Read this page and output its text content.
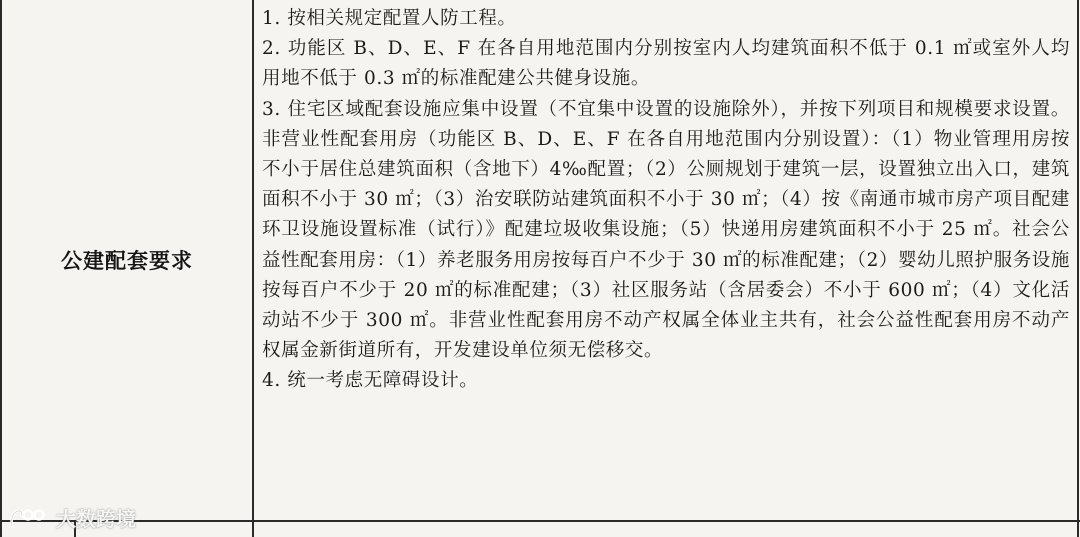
公建配套要求

1. 按相关规定配置人防工程。

2. 功能区 B、D、E、F 在各自用地范围内分别按室内人均建筑面积不低于 0.1 ㎡或室外人均用地不低于 0.3 ㎡的标准配建公共健身设施。

3. 住宅区域配套设施应集中设置（不宜集中设置的设施除外），并按下列项目和规模要求设置。非营业性配套用房（功能区 B、D、E、F 在各自用地范围内分别设置）：（1）物业管理用房按不小于居住总建筑面积（含地下）4‰配置；（2）公厕规划于建筑一层，设置独立出入口，建筑面积不小于 30 ㎡；（3）治安联防站建筑面积不小于 30 ㎡；（4）按《南通市城市房产项目配建环卫设施设置标准（试行）》配建垃圾收集设施；（5）快递用房建筑面积不小于 25 ㎡。社会公益性配套用房：（1）养老服务用房按每百户不少于 30 ㎡的标准配建；（2）婴幼儿照护服务设施按每百户不少于 20 ㎡的标准配建；（3）社区服务站（含居委会）不小于 600 ㎡；（4）文化活动站不少于 300 ㎡。非营业性配套用房不动产权属全体业主共有，社会公益性配套用房不动产权属金新街道所有，开发建设单位须无偿移交。

4. 统一考虑无障碍设计。

大数跨境
